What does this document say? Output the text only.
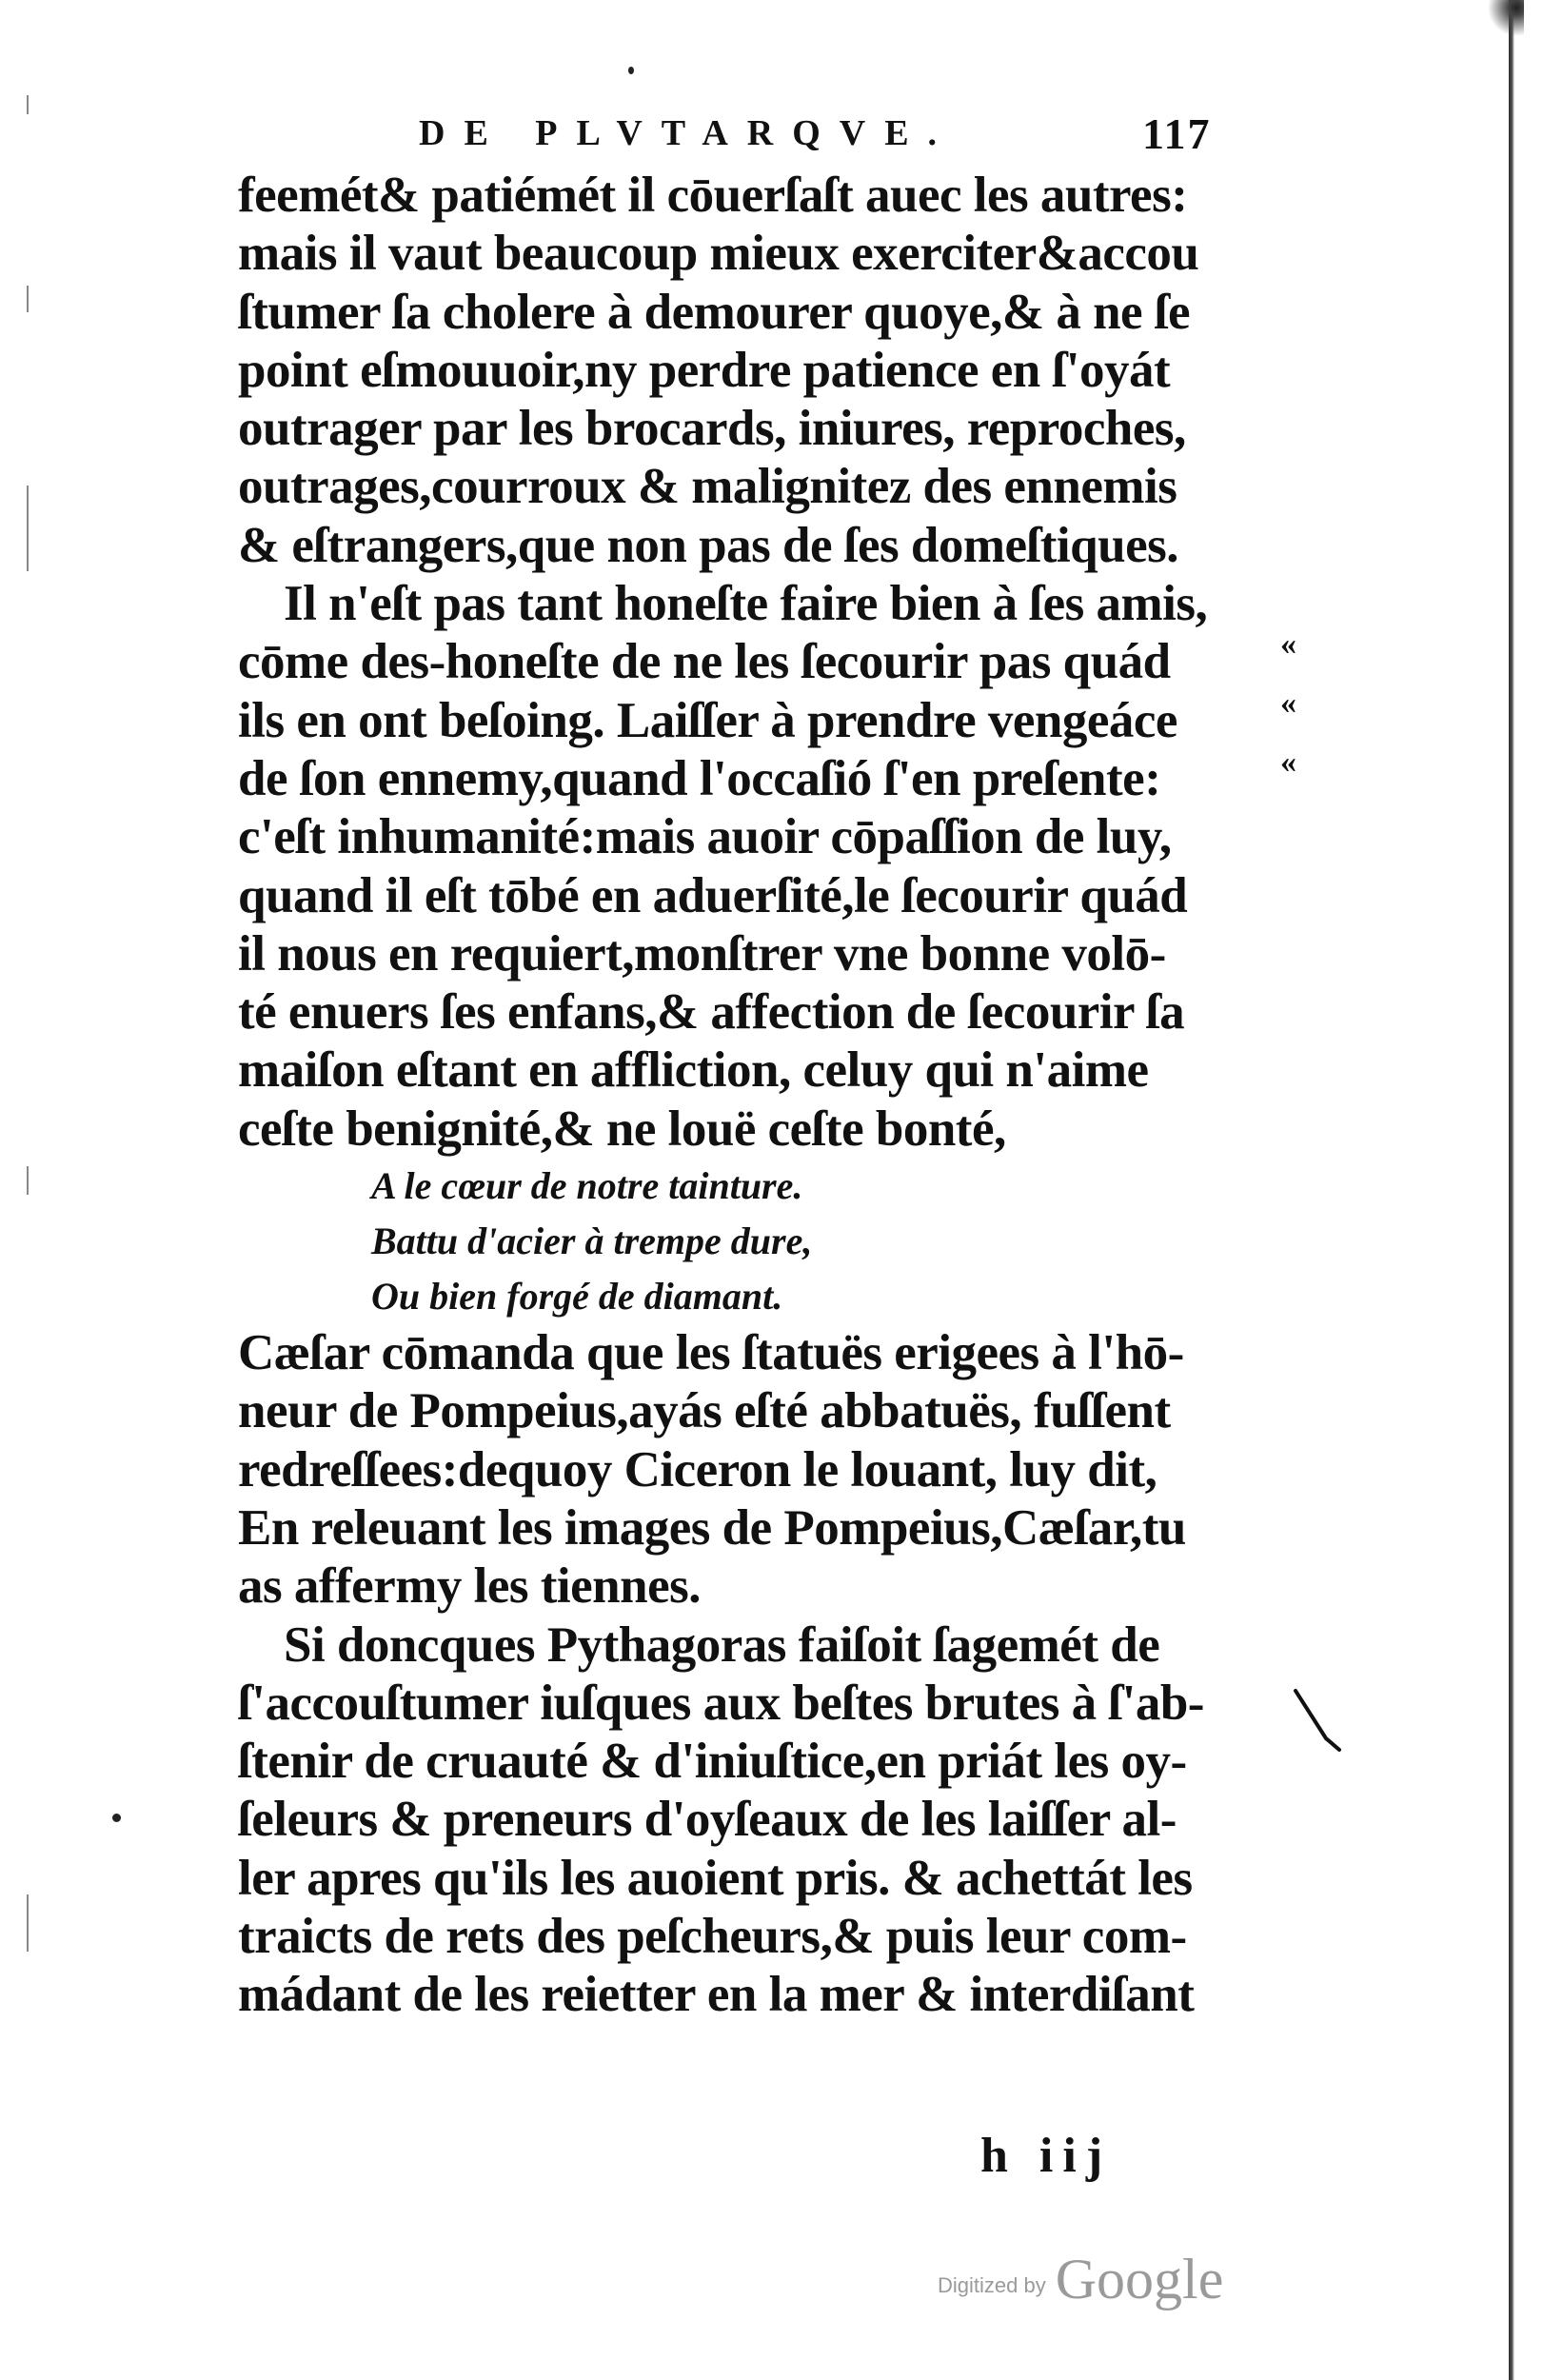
DE PLVTARQVE.	117
feemét& patiémét il cōuerſaſt auec les autres:
mais il vaut beaucoup mieux exerciter&accou
ſtumer ſa cholere à demourer quoye,& à ne ſe
point eſmouuoir,ny perdre patience en ſ'oyát
outrager par les brocards, iniures, reproches,
outrages,courroux & malignitez des ennemis
& eſtrangers,que non pas de ſes domeſtiques.
Il n'eſt pas tant honeſte faire bien à ſes amis,
cōme des-honeſte de ne les ſecourir pas quád
ils en ont beſoing. Laiſſer à prendre vengeáce
de ſon ennemy,quand l'occaſió ſ'en preſente:
c'eſt inhumanité:mais auoir cōpaſſion de luy,
quand il eſt tōbé en aduerſité,le ſecourir quád
il nous en requiert,monſtrer vne bonne volō-
té enuers ſes enfans,& affection de ſecourir ſa
maiſon eſtant en affliction, celuy qui n'aime
ceſte benignité,& ne louë ceſte bonté,
A le cœur de notre tainture.
Battu d'acier à trempe dure,
Ou bien forgé de diamant.
Cæſar cōmanda que les ſtatuës erigees à l'hō-
neur de Pompeius,ayás eſté abbatuës, fuſſent
redreſſees:dequoy Ciceron le louant, luy dit,
En releuant les images de Pompeius,Cæſar,tu
as affermy les tiennes.
Si doncques Pythagoras faiſoit ſagemét de
ſ'accouſtumer iuſques aux beſtes brutes à ſ'ab-
ſtenir de cruauté & d'iniuſtice,en priát les oy-
ſeleurs & preneurs d'oyſeaux de les laiſſer al-
ler apres qu'ils les auoient pris. & achettát les
traicts de rets des peſcheurs,& puis leur com-
mádant de les reietter en la mer & interdiſant
«
«
«
h iij
Digitized by Google
